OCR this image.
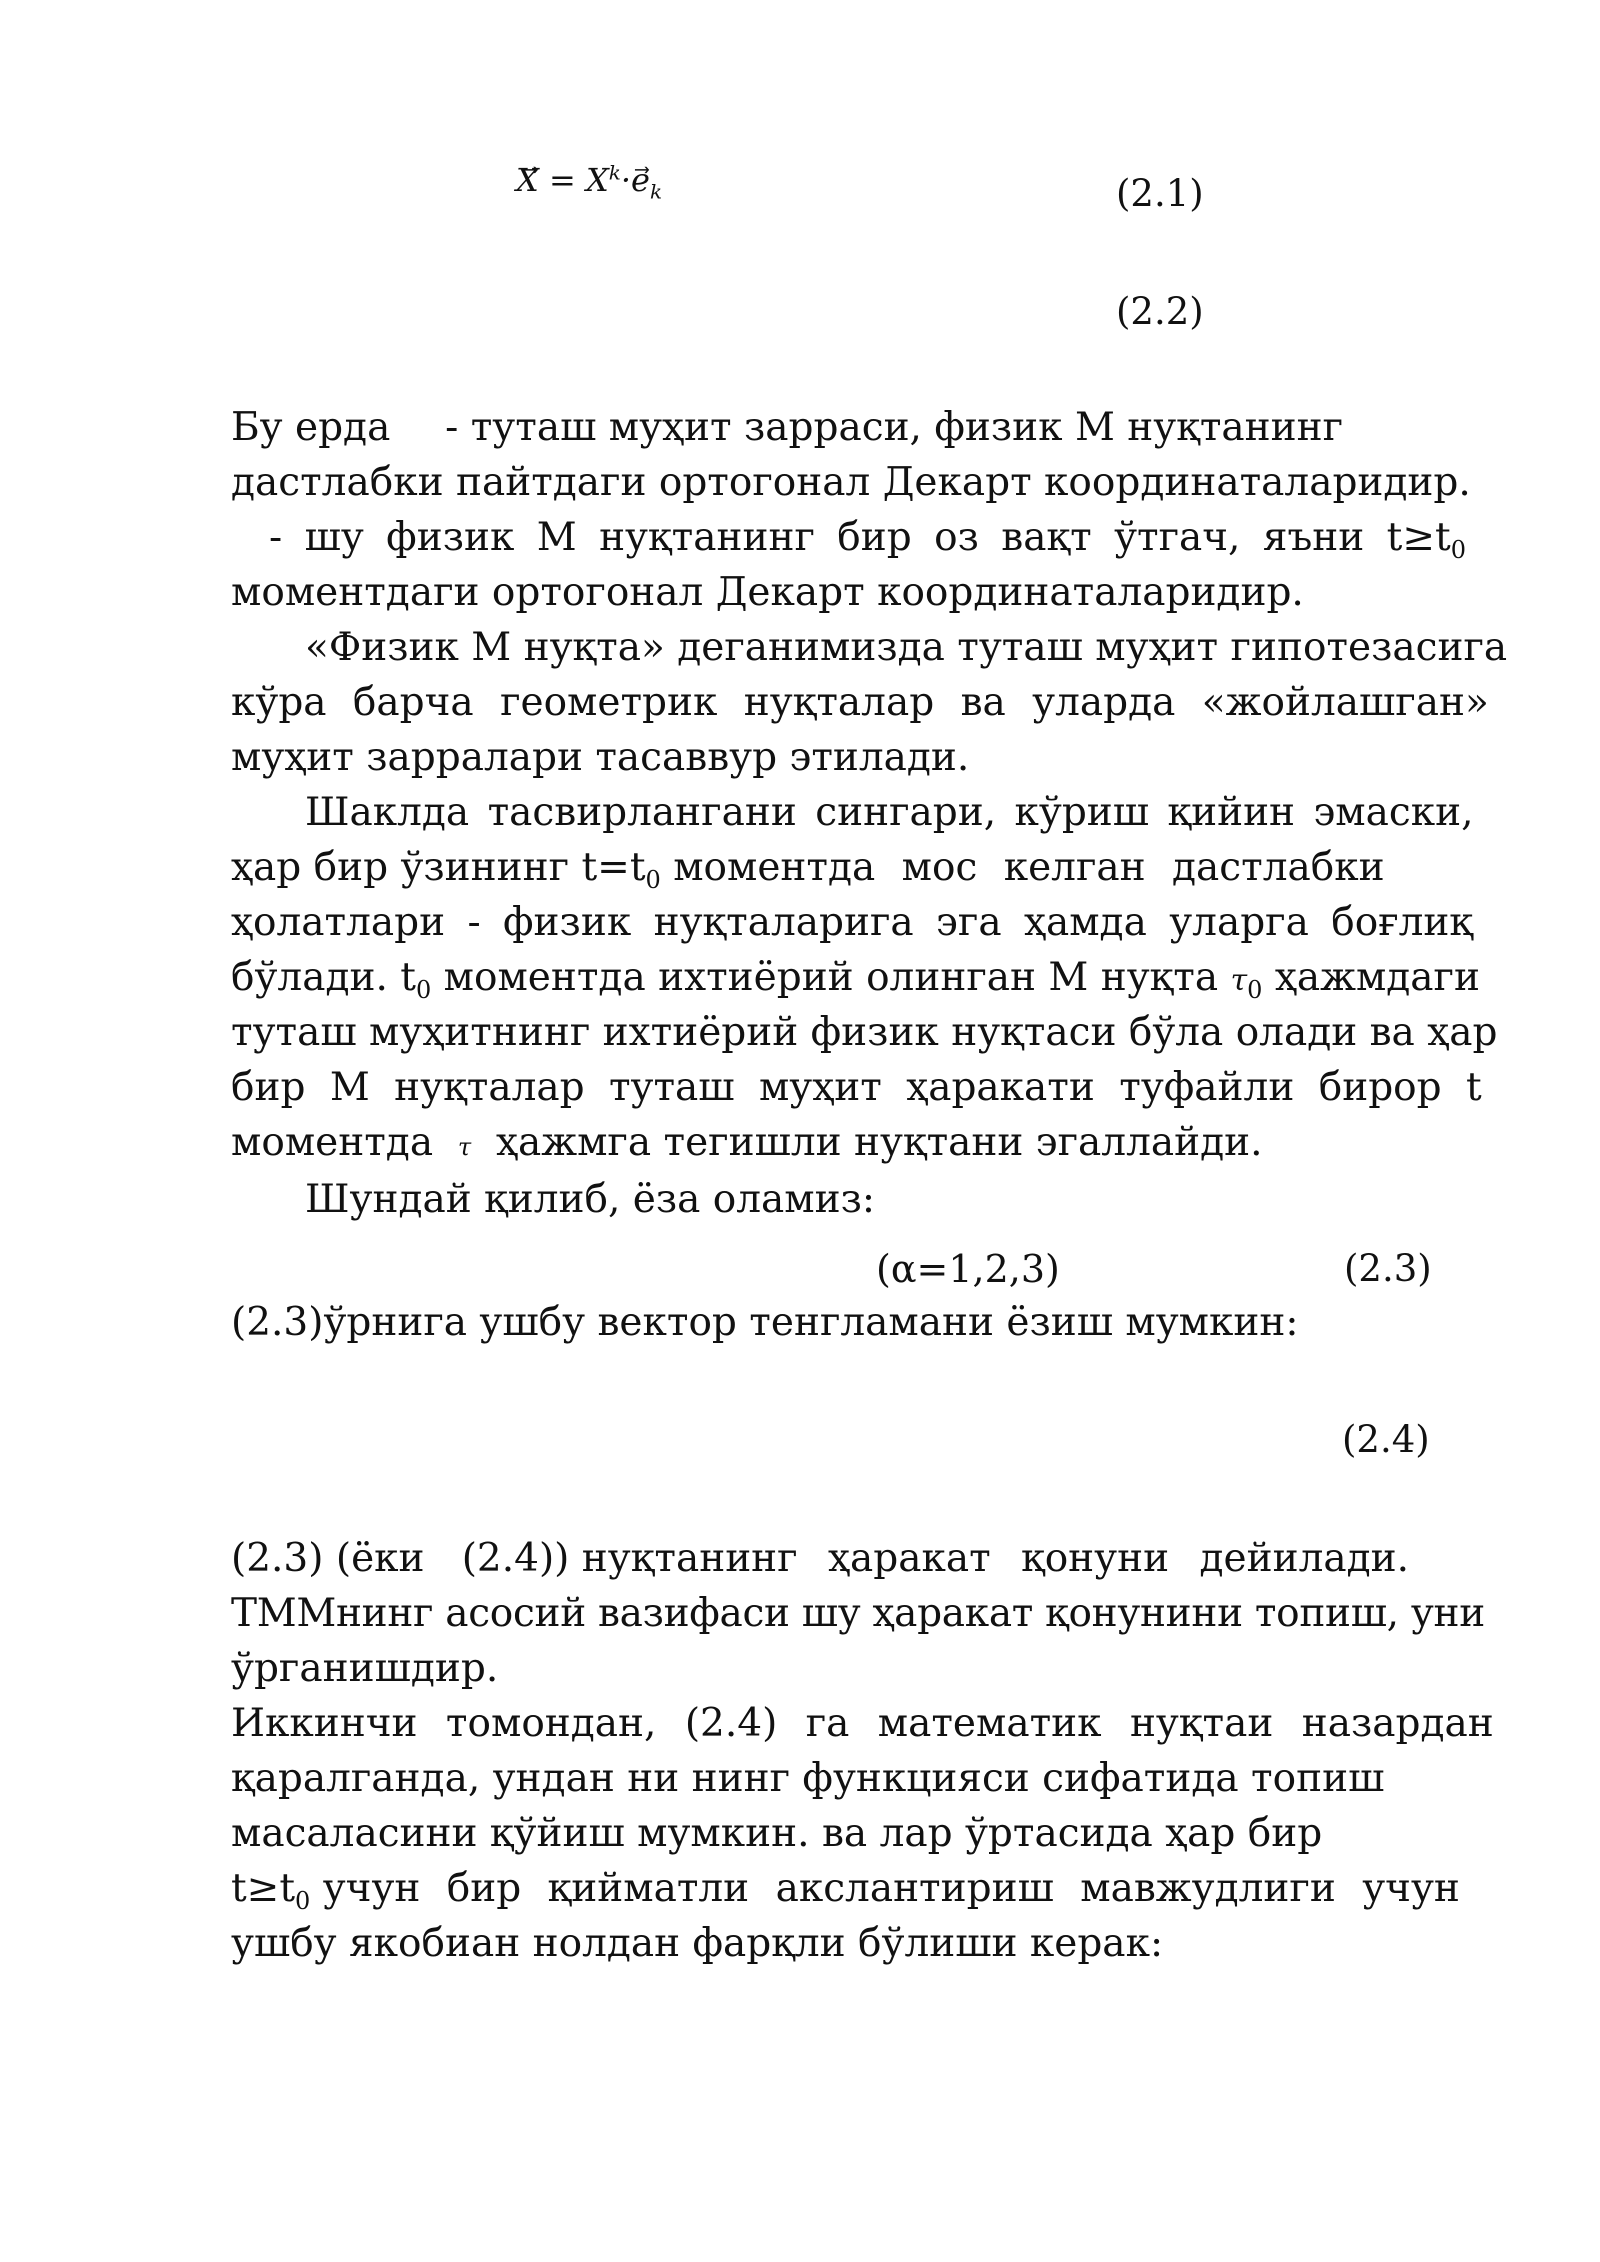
$X = X^k\cdot e_k$	(2.1)
(2.2)
Бу ерда - туташ муҳит зарраси, физик М нуқтанинг
дастлабки пайтдаги ортогонал Декарт координаталаридир.
- шу физик М нуқтанинг бир оз вақт ўтгач, яъни $t\ge t_0$
моментдаги ортогонал Декарт координаталаридир.
«Физик М нуқта» деганимизда туташ муҳит гипотезасига
кўра барча геометрик нуқталар ва уларда «жойлашган»
муҳит зарралари тасаввур этилади.
Шаклда тасвирлангани сингари, кўриш қийин эмаски,
ҳар бир ўзининг $t=t_0$ моментда мос келган дастлабки
ҳолатлари - физик нуқталарига эга ҳамда уларга боғлиқ
бўлади. $t_0$ моментда ихтиёрий олинган М нуқта $\tau_0$ ҳажмдаги
туташ муҳитнинг ихтиёрий физик нуқтаси бўла олади ва ҳар
бир М нуқталар туташ муҳит ҳаракати туфайли бирор t
моментда τ ҳажмга тегишли нуқтани эгаллайди.
Шундай қилиб, ёза оламиз:
(α=1,2,3)	(2.3)
(2.3)ўрнига ушбу вектор тенгламани ёзиш мумкин:
(2.4)
(2.3) (ёки (2.4)) нуқтанинг ҳаракат қонуни дейилади.
ТММнинг асосий вазифаси шу ҳаракат қонунини топиш, уни
ўрганишдир.
Иккинчи томондан, (2.4) га математик нуқтаи назардан
қаралганда, ундан ни нинг функцияси сифатида топиш
масаласини қўйиш мумкин. ва лар ўртасида ҳар бир
$t\ge t_0$ учун бир қийматли акслантириш мавжудлиги учун
ушбу якобиан нолдан фарқли бўлиши керак:
